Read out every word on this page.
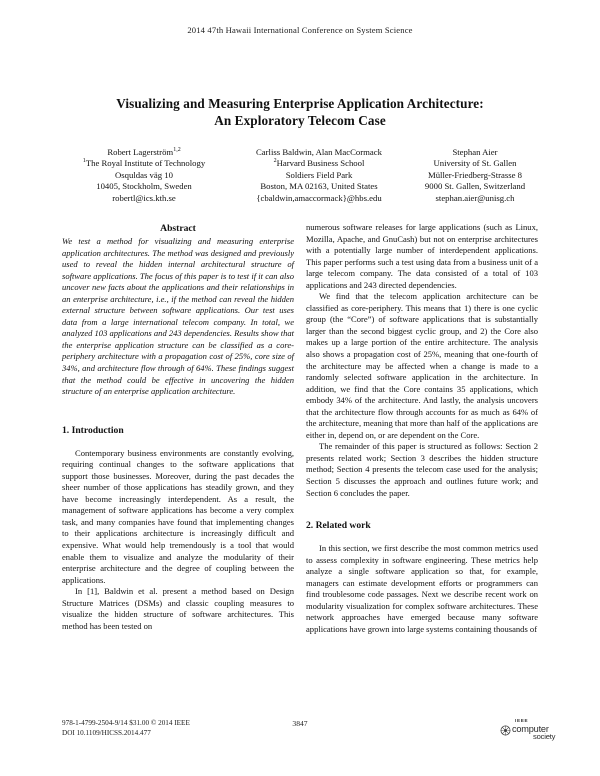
2014 47th Hawaii International Conference on System Science
Visualizing and Measuring Enterprise Application Architecture:
An Exploratory Telecom Case
Robert Lagerström$^{1,2}$
$^1$The Royal Institute of Technology
Osquldas väg 10
10405, Stockholm, Sweden
robertl@ics.kth.se
Carliss Baldwin, Alan MacCormack
$^2$Harvard Business School
Soldiers Field Park
Boston, MA 02163, United States
{cbaldwin,amaccormack}@hbs.edu
Stephan Aier
University of St. Gallen
Müller-Friedberg-Strasse 8
9000 St. Gallen, Switzerland
stephan.aier@unisg.ch
Abstract

We test a method for visualizing and measuring enterprise application architectures. The method was designed and previously used to reveal the hidden internal architectural structure of software applications. The focus of this paper is to test if it can also uncover new facts about the applications and their relationships in an enterprise architecture, i.e., if the method can reveal the hidden external structure between software applications. Our test uses data from a large international telecom company. In total, we analyzed 103 applications and 243 dependencies. Results show that the enterprise application structure can be classified as a core-periphery architecture with a propagation cost of 25%, core size of 34%, and architecture flow through of 64%. These findings suggest that the method could be effective in uncovering the hidden structure of an enterprise application architecture.

1. Introduction

Contemporary business environments are constantly evolving, requiring continual changes to the software applications that support those businesses. Moreover, during the past decades the sheer number of those applications has steadily grown, and they have become increasingly interdependent. As a result, the management of software applications has become a very complex task, and many companies have found that implementing changes to their applications architecture is increasingly difficult and expensive. What would help tremendously is a tool that would enable them to visualize and analyze the modularity of their enterprise architecture and the degree of coupling between the applications.

In [1], Baldwin et al. present a method based on Design Structure Matrices (DSMs) and classic coupling measures to visualize the hidden structure of software architectures. This method has been tested on

numerous software releases for large applications (such as Linux, Mozilla, Apache, and GnuCash) but not on enterprise architectures with a potentially large number of interdependent applications. This paper performs such a test using data from a business unit of a large telecom company. The data consisted of a total of 103 applications and 243 directed dependencies.

We find that the telecom application architecture can be classified as core-periphery. This means that 1) there is one cyclic group (the “Core”) of software applications that is substantially larger than the second biggest cyclic group, and 2) the Core also makes up a large portion of the entire architecture. The analysis also shows a propagation cost of 25%, meaning that one-fourth of the architecture may be affected when a change is made to a randomly selected software application in the architecture. In addition, we find that the Core contains 35 applications, which embody 34% of the architecture. And lastly, the analysis uncovers that the architecture flow through accounts for as much as 64% of the architecture, meaning that more than half of the applications are either in, depend on, or are dependent on the Core.

The remainder of this paper is structured as follows: Section 2 presents related work; Section 3 describes the hidden structure method; Section 4 presents the telecom case used for the analysis; Section 5 discusses the approach and outlines future work; and Section 6 concludes the paper.

2. Related work

In this section, we first describe the most common metrics used to assess complexity in software engineering. These metrics help analyze a single software application so that, for example, managers can estimate development efforts or programmers can find troublesome code passages. Next we describe recent work on modularity visualization for complex software architectures. These network approaches have emerged because many software applications have grown into large systems containing thousands of

978-1-4799-2504-9/14 $31.00 © 2014 IEEE
DOI 10.1109/HICSS.2014.477
3847	IEEE
computer
society
